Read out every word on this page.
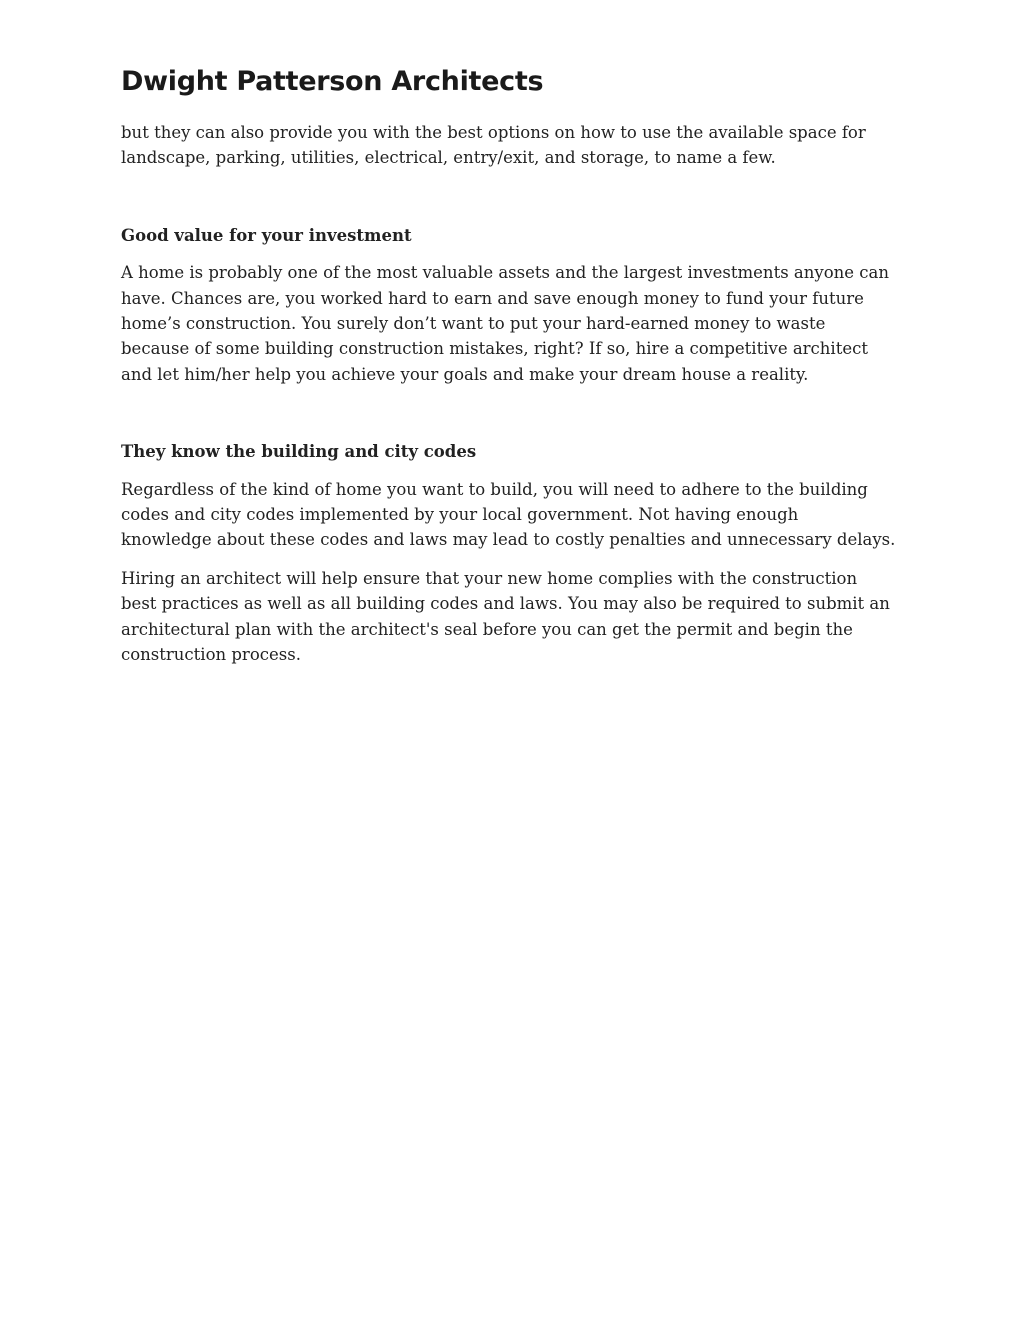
Dwight Patterson Architects

but they can also provide you with the best options on how to use the available space for
landscape, parking, utilities, electrical, entry/exit, and storage, to name a few.

Good value for your investment

A home is probably one of the most valuable assets and the largest investments anyone can
have. Chances are, you worked hard to earn and save enough money to fund your future
home’s construction. You surely don’t want to put your hard-earned money to waste
because of some building construction mistakes, right? If so, hire a competitive architect
and let him/her help you achieve your goals and make your dream house a reality.

They know the building and city codes

Regardless of the kind of home you want to build, you will need to adhere to the building
codes and city codes implemented by your local government. Not having enough
knowledge about these codes and laws may lead to costly penalties and unnecessary delays.

Hiring an architect will help ensure that your new home complies with the construction
best practices as well as all building codes and laws. You may also be required to submit an
architectural plan with the architect's seal before you can get the permit and begin the
construction process.
